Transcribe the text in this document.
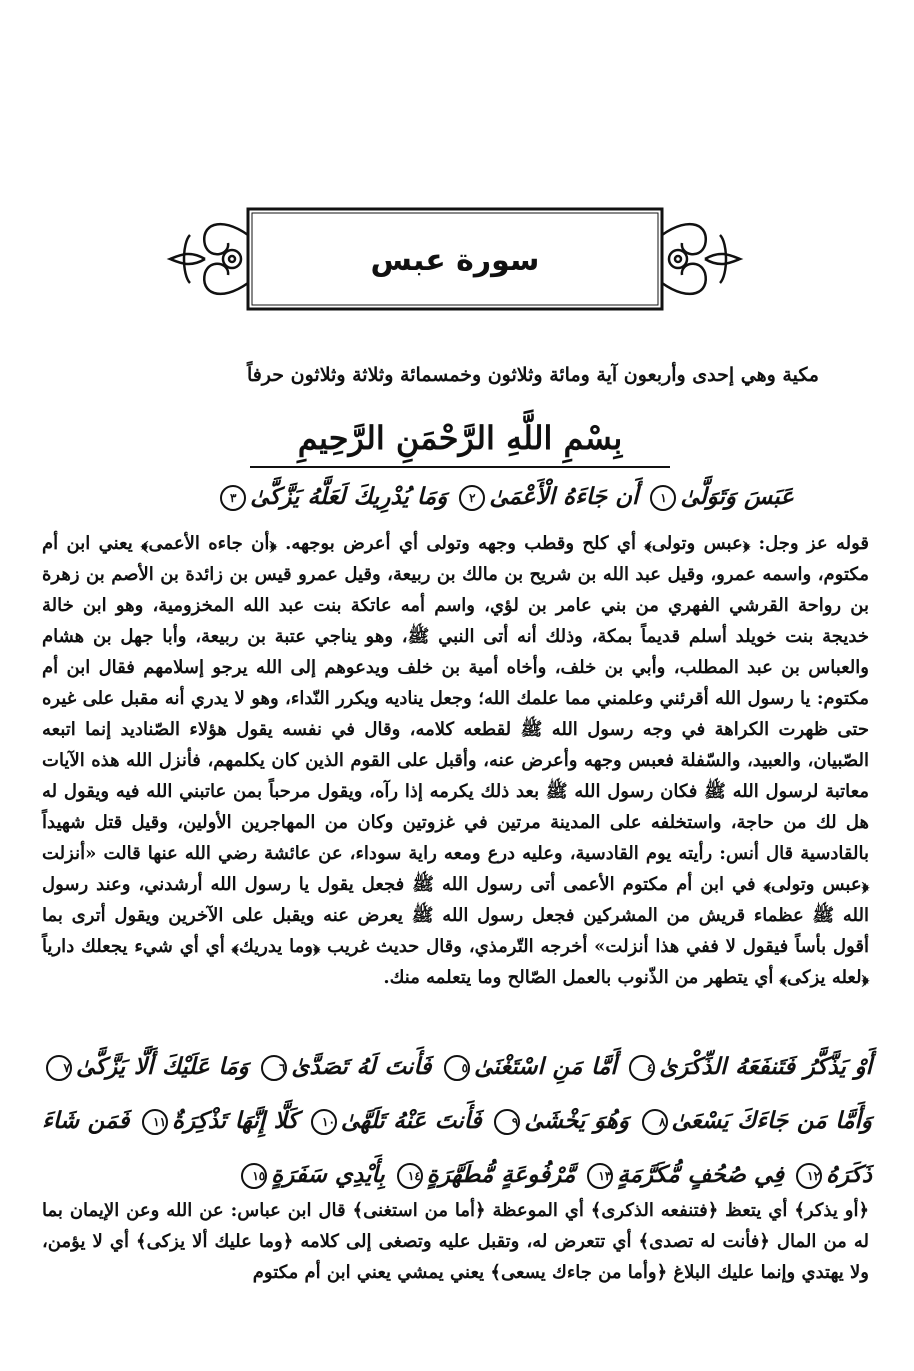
سورة عبس

مكية وهي إحدى وأربعون آية ومائة وثلاثون وخمسمائة وثلاثة وثلاثون حرفاً

بِسْمِ اللَّهِ الرَّحْمَنِ الرَّحِيمِ

عَبَسَ وَتَوَلَّىٰ١ أَن جَاءَهُ الْأَعْمَىٰ٢ وَمَا يُدْرِيكَ لَعَلَّهُ يَزَّكَّىٰ٣

قوله عز وجل: ﴿عبس وتولى﴾ أي كلح وقطب وجهه وتولى أي أعرض بوجهه. ﴿أن جاءه الأعمى﴾ يعني ابن أم مكتوم، واسمه عمرو، وقيل عبد الله بن شريح بن مالك بن ربيعة، وقيل عمرو قيس بن زائدة بن الأصم بن زهرة بن رواحة القرشي الفهري من بني عامر بن لؤي، واسم أمه عاتكة بنت عبد الله المخزومية، وهو ابن خالة خديجة بنت خويلد أسلم قديماً بمكة، وذلك أنه أتى النبي ﷺ، وهو يناجي عتبة بن ربيعة، وأبا جهل بن هشام والعباس بن عبد المطلب، وأبي بن خلف، وأخاه أمية بن خلف ويدعوهم إلى الله يرجو إسلامهم فقال ابن أم مكتوم: يا رسول الله أقرئني وعلمني مما علمك الله؛ وجعل يناديه ويكرر النّداء، وهو لا يدري أنه مقبل على غيره حتى ظهرت الكراهة في وجه رسول الله ﷺ لقطعه كلامه، وقال في نفسه يقول هؤلاء الصّناديد إنما اتبعه الصّبيان، والعبيد، والسّفلة فعبس وجهه وأعرض عنه، وأقبل على القوم الذين كان يكلمهم، فأنزل الله هذه الآيات معاتبة لرسول الله ﷺ فكان رسول الله ﷺ بعد ذلك يكرمه إذا رآه، ويقول مرحباً بمن عاتبني الله فيه ويقول له هل لك من حاجة، واستخلفه على المدينة مرتين في غزوتين وكان من المهاجرين الأولين، وقيل قتل شهيداً بالقادسية قال أنس: رأيته يوم القادسية، وعليه درع ومعه راية سوداء، عن عائشة رضي الله عنها قالت «أنزلت ﴿عبس وتولى﴾ في ابن أم مكتوم الأعمى أتى رسول الله ﷺ فجعل يقول يا رسول الله أرشدني، وعند رسول الله ﷺ عظماء قريش من المشركين فجعل رسول الله ﷺ يعرض عنه ويقبل على الآخرين ويقول أترى بما أقول بأساً فيقول لا ففي هذا أنزلت» أخرجه التّرمذي، وقال حديث غريب ﴿وما يدريك﴾ أي أي شيء يجعلك دارياً ﴿لعله يزكى﴾ أي يتطهر من الذّنوب بالعمل الصّالح وما يتعلمه منك.

أَوْ يَذَّكَّرُ فَتَنفَعَهُ الذِّكْرَىٰ٤ أَمَّا مَنِ اسْتَغْنَىٰ٥ فَأَنتَ لَهُ تَصَدَّىٰ٦ وَمَا عَلَيْكَ أَلَّا يَزَّكَّىٰ٧ وَأَمَّا مَن جَاءَكَ يَسْعَىٰ٨ وَهُوَ يَخْشَىٰ٩ فَأَنتَ عَنْهُ تَلَهَّىٰ١٠ كَلَّا إِنَّهَا تَذْكِرَةٌ١١ فَمَن شَاءَ ذَكَرَهُ١٢ فِي صُحُفٍ مُّكَرَّمَةٍ١٣ مَّرْفُوعَةٍ مُّطَهَّرَةٍ١٤ بِأَيْدِي سَفَرَةٍ١٥

﴿أو يذكر﴾ أي يتعظ ﴿فتنفعه الذكرى﴾ أي الموعظة ﴿أما من استغنى﴾ قال ابن عباس: عن الله وعن الإيمان بما له من المال ﴿فأنت له تصدى﴾ أي تتعرض له، وتقبل عليه وتصغى إلى كلامه ﴿وما عليك ألا يزكى﴾ أي لا يؤمن، ولا يهتدي وإنما عليك البلاغ ﴿وأما من جاءك يسعى﴾ يعني يمشي يعني ابن أم مكتوم
